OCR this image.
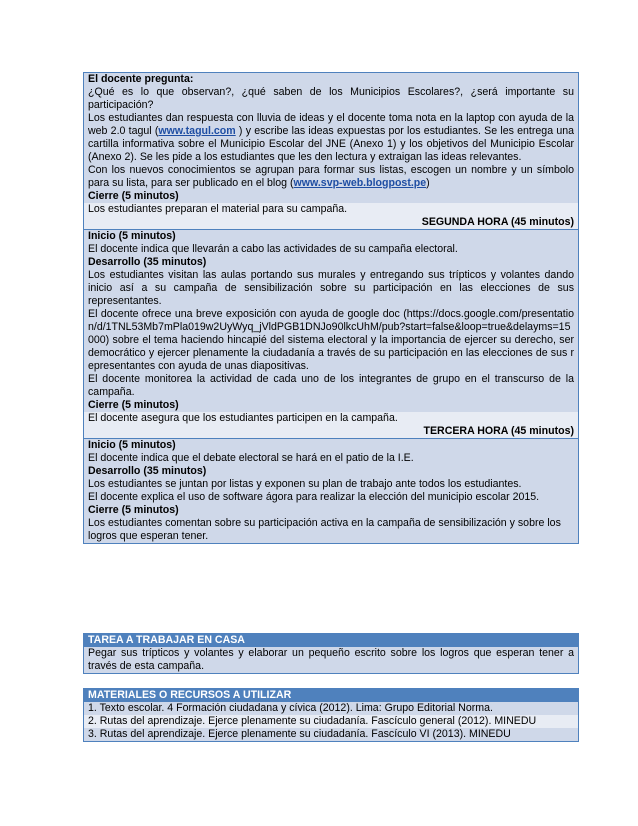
El docente pregunta:
¿Qué es lo que observan?, ¿qué saben de los Municipios Escolares?, ¿será importante su participación?
Los estudiantes dan respuesta con lluvia de ideas y el docente toma nota en la laptop con ayuda de la web 2.0 tagul (www.tagul.com ) y escribe las ideas expuestas por los estudiantes. Se les entrega una cartilla informativa sobre el Municipio Escolar del JNE (Anexo 1) y los objetivos del Municipio Escolar (Anexo 2). Se les pide a los estudiantes que les den lectura y extraigan las ideas relevantes.
Con los nuevos conocimientos se agrupan para formar sus listas, escogen un nombre y un símbolo para su lista, para ser publicado en el blog (www.svp-web.blogpost.pe)
Cierre (5 minutos)
Los estudiantes preparan el material para su campaña.
SEGUNDA HORA (45 minutos)
Inicio (5 minutos)
El docente indica que llevarán a cabo las actividades de su campaña electoral.
Desarrollo (35 minutos)
Los estudiantes visitan las aulas portando sus murales y entregando sus trípticos y volantes dando inicio así a su campaña de sensibilización sobre su participación en las elecciones de sus representantes.
El docente ofrece una breve exposición con ayuda de google doc (https://docs.google.com/presentation/d/1TNL53Mb7mPla019w2UyWyq_jVldPGB1DNJo90lkcUhM/pub?start=false&loop=true&delayms=15000) sobre el tema haciendo hincapié del sistema electoral y la importancia de ejercer su derecho, ser democrático y ejercer plenamente la ciudadanía a través de su participación en las elecciones de sus representantes con ayuda de unas diapositivas.
El docente monitorea la actividad de cada uno de los integrantes de grupo en el transcurso de la campaña.
Cierre (5 minutos)
El docente asegura que los estudiantes participen en la campaña.
TERCERA HORA (45 minutos)
Inicio (5 minutos)
El docente indica que el debate electoral se hará en el patio de la I.E.
Desarrollo (35 minutos)
Los estudiantes se juntan por listas y exponen su plan de trabajo ante todos los estudiantes.
El docente explica el uso de software ágora para realizar la elección del municipio escolar 2015.
Cierre (5 minutos)
Los estudiantes comentan sobre su participación activa en la campaña de sensibilización y sobre los logros que esperan tener.
TAREA A TRABAJAR EN CASA
Pegar sus trípticos y volantes y elaborar un pequeño escrito sobre los logros que esperan tener a través de esta campaña.
MATERIALES O RECURSOS A UTILIZAR
1. Texto escolar. 4 Formación ciudadana y cívica (2012). Lima: Grupo Editorial Norma.
2. Rutas del aprendizaje. Ejerce plenamente su ciudadanía. Fascículo general (2012). MINEDU
3. Rutas del aprendizaje. Ejerce plenamente su ciudadanía. Fascículo VI (2013). MINEDU
